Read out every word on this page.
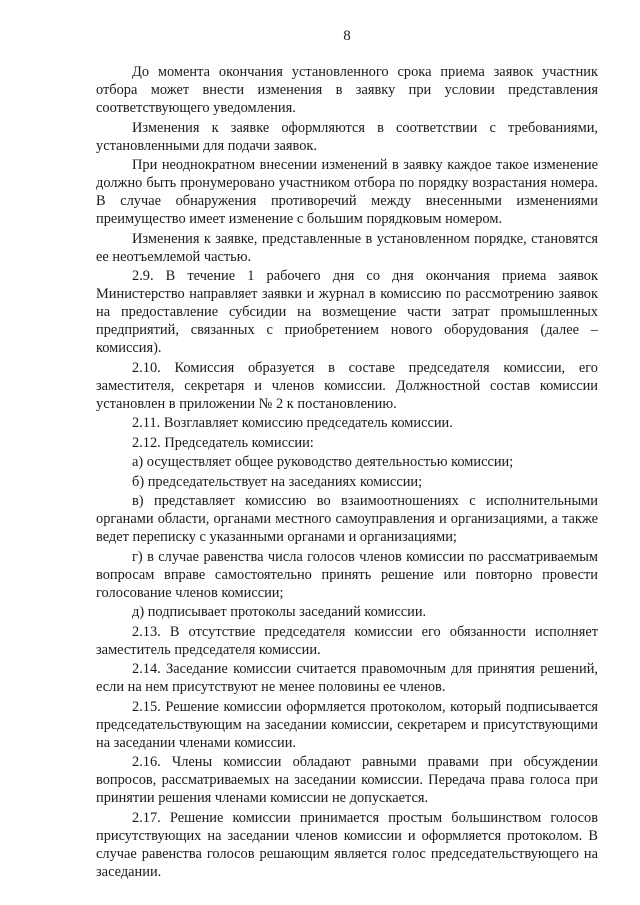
8

До момента окончания установленного срока приема заявок участник отбора может внести изменения в заявку при условии представления соответствующего уведомления.

Изменения к заявке оформляются в соответствии с требованиями, установленными для подачи заявок.

При неоднократном внесении изменений в заявку каждое такое изменение должно быть пронумеровано участником отбора по порядку возрастания номера. В случае обнаружения противоречий между внесенными изменениями преимущество имеет изменение с большим порядковым номером.

Изменения к заявке, представленные в установленном порядке, становятся ее неотъемлемой частью.

2.9. В течение 1 рабочего дня со дня окончания приема заявок Министерство направляет заявки и журнал в комиссию по рассмотрению заявок на предоставление субсидии на возмещение части затрат промышленных предприятий, связанных с приобретением нового оборудования (далее – комиссия).

2.10. Комиссия образуется в составе председателя комиссии, его заместителя, секретаря и членов комиссии. Должностной состав комиссии установлен в приложении № 2 к постановлению.

2.11. Возглавляет комиссию председатель комиссии.

2.12. Председатель комиссии:

а) осуществляет общее руководство деятельностью комиссии;

б) председательствует на заседаниях комиссии;

в) представляет комиссию во взаимоотношениях с исполнительными органами области, органами местного самоуправления и организациями, а также ведет переписку с указанными органами и организациями;

г) в случае равенства числа голосов членов комиссии по рассматриваемым вопросам вправе самостоятельно принять решение или повторно провести голосование членов комиссии;

д) подписывает протоколы заседаний комиссии.

2.13. В отсутствие председателя комиссии его обязанности исполняет заместитель председателя комиссии.

2.14. Заседание комиссии считается правомочным для принятия решений, если на нем присутствуют не менее половины ее членов.

2.15. Решение комиссии оформляется протоколом, который подписывается председательствующим на заседании комиссии, секретарем и присутствующими на заседании членами комиссии.

2.16. Члены комиссии обладают равными правами при обсуждении вопросов, рассматриваемых на заседании комиссии. Передача права голоса при принятии решения членами комиссии не допускается.

2.17. Решение комиссии принимается простым большинством голосов присутствующих на заседании членов комиссии и оформляется протоколом. В случае равенства голосов решающим является голос председательствующего на заседании.
